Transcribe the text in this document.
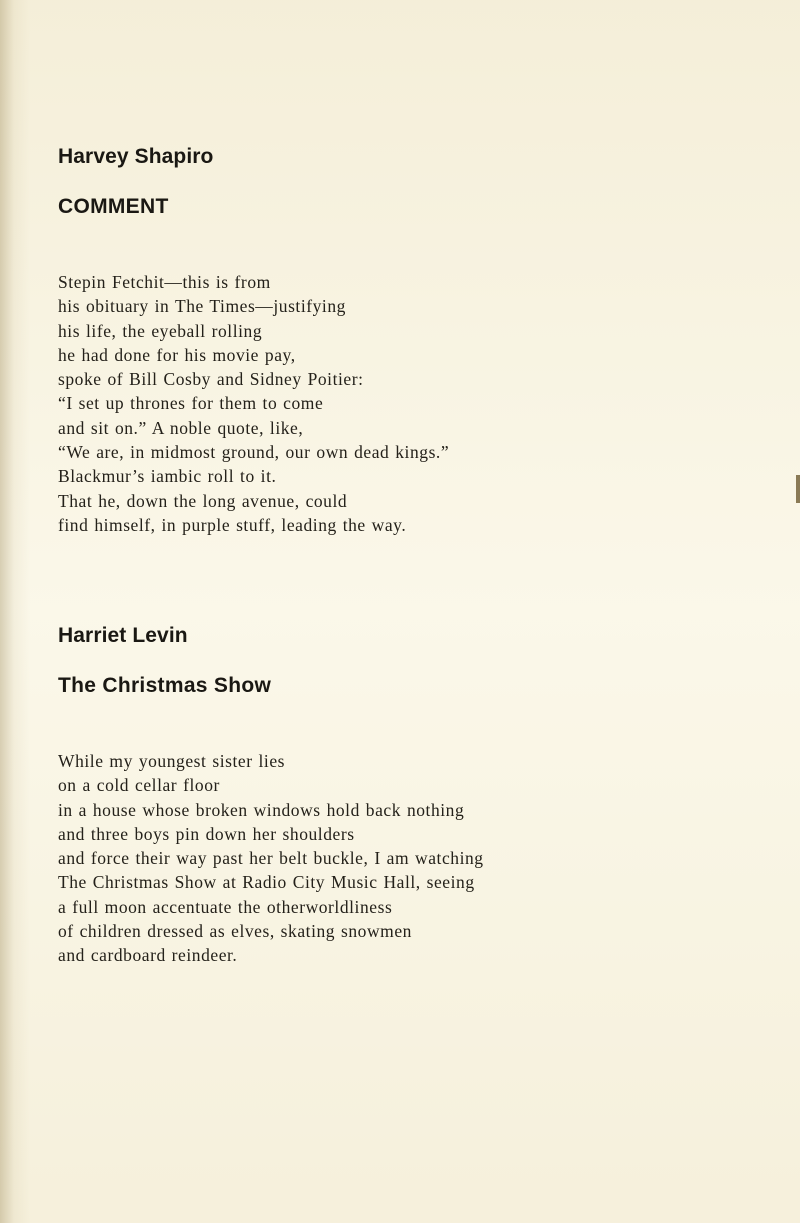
Harvey Shapiro
COMMENT
Stepin Fetchit—this is from
his obituary in The Times—justifying
his life, the eyeball rolling
he had done for his movie pay,
spoke of Bill Cosby and Sidney Poitier:
“I set up thrones for them to come
and sit on.” A noble quote, like,
“We are, in midmost ground, our own dead kings.”
Blackmur’s iambic roll to it.
That he, down the long avenue, could
find himself, in purple stuff, leading the way.
Harriet Levin
The Christmas Show
While my youngest sister lies
on a cold cellar floor
in a house whose broken windows hold back nothing
and three boys pin down her shoulders
and force their way past her belt buckle, I am watching
The Christmas Show at Radio City Music Hall, seeing
a full moon accentuate the otherworldliness
of children dressed as elves, skating snowmen
and cardboard reindeer.
